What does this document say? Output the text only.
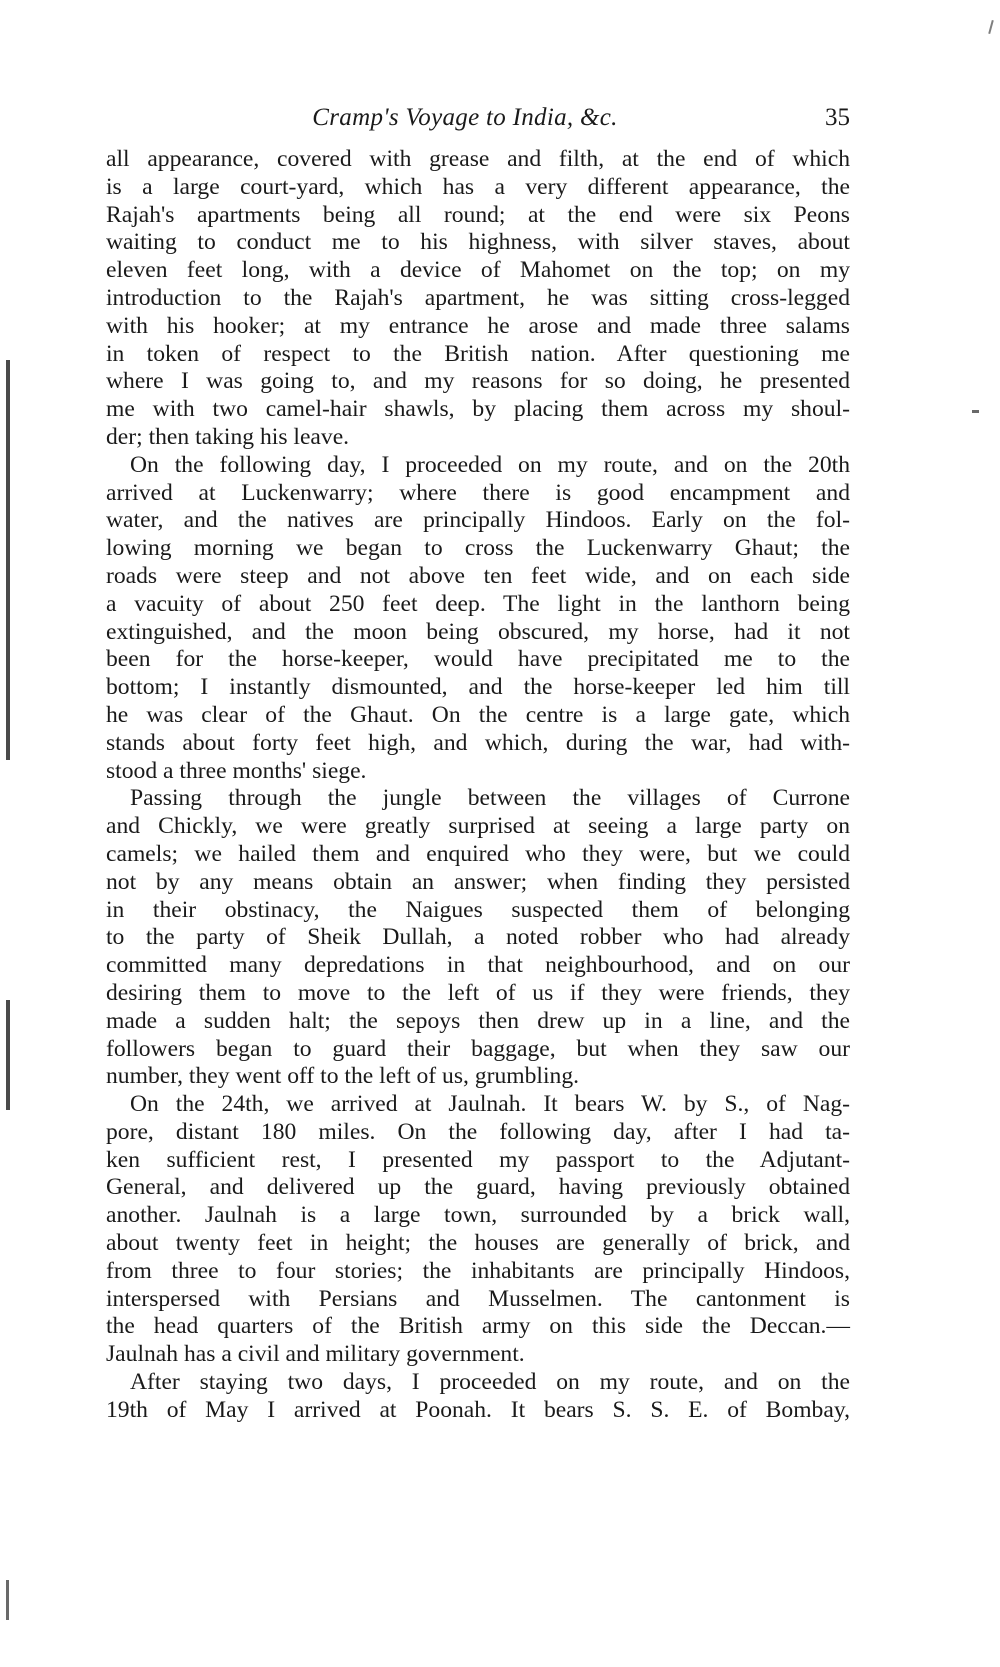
Cramp's Voyage to India, &c.	35
all appearance, covered with grease and filth, at the end of which
is a large court-yard, which has a very different appearance, the
Rajah's apartments being all round; at the end were six Peons
waiting to conduct me to his highness, with silver staves, about
eleven feet long, with a device of Mahomet on the top; on my
introduction to the Rajah's apartment, he was sitting cross-legged
with his hooker; at my entrance he arose and made three salams
in token of respect to the British nation. After questioning me
where I was going to, and my reasons for so doing, he presented
me with two camel-hair shawls, by placing them across my shoul-
der; then taking his leave.
On the following day, I proceeded on my route, and on the 20th
arrived at Luckenwarry; where there is good encampment and
water, and the natives are principally Hindoos. Early on the fol-
lowing morning we began to cross the Luckenwarry Ghaut; the
roads were steep and not above ten feet wide, and on each side
a vacuity of about 250 feet deep. The light in the lanthorn being
extinguished, and the moon being obscured, my horse, had it not
been for the horse-keeper, would have precipitated me to the
bottom; I instantly dismounted, and the horse-keeper led him till
he was clear of the Ghaut. On the centre is a large gate, which
stands about forty feet high, and which, during the war, had with-
stood a three months' siege.
Passing through the jungle between the villages of Currone
and Chickly, we were greatly surprised at seeing a large party on
camels; we hailed them and enquired who they were, but we could
not by any means obtain an answer; when finding they persisted
in their obstinacy, the Naigues suspected them of belonging
to the party of Sheik Dullah, a noted robber who had already
committed many depredations in that neighbourhood, and on our
desiring them to move to the left of us if they were friends, they
made a sudden halt; the sepoys then drew up in a line, and the
followers began to guard their baggage, but when they saw our
number, they went off to the left of us, grumbling.
On the 24th, we arrived at Jaulnah. It bears W. by S., of Nag-
pore, distant 180 miles. On the following day, after I had ta-
ken sufficient rest, I presented my passport to the Adjutant-
General, and delivered up the guard, having previously obtained
another. Jaulnah is a large town, surrounded by a brick wall,
about twenty feet in height; the houses are generally of brick, and
from three to four stories; the inhabitants are principally Hindoos,
interspersed with Persians and Musselmen. The cantonment is
the head quarters of the British army on this side the Deccan.—
Jaulnah has a civil and military government.
After staying two days, I proceeded on my route, and on the
19th of May I arrived at Poonah. It bears S. S. E. of Bombay,
